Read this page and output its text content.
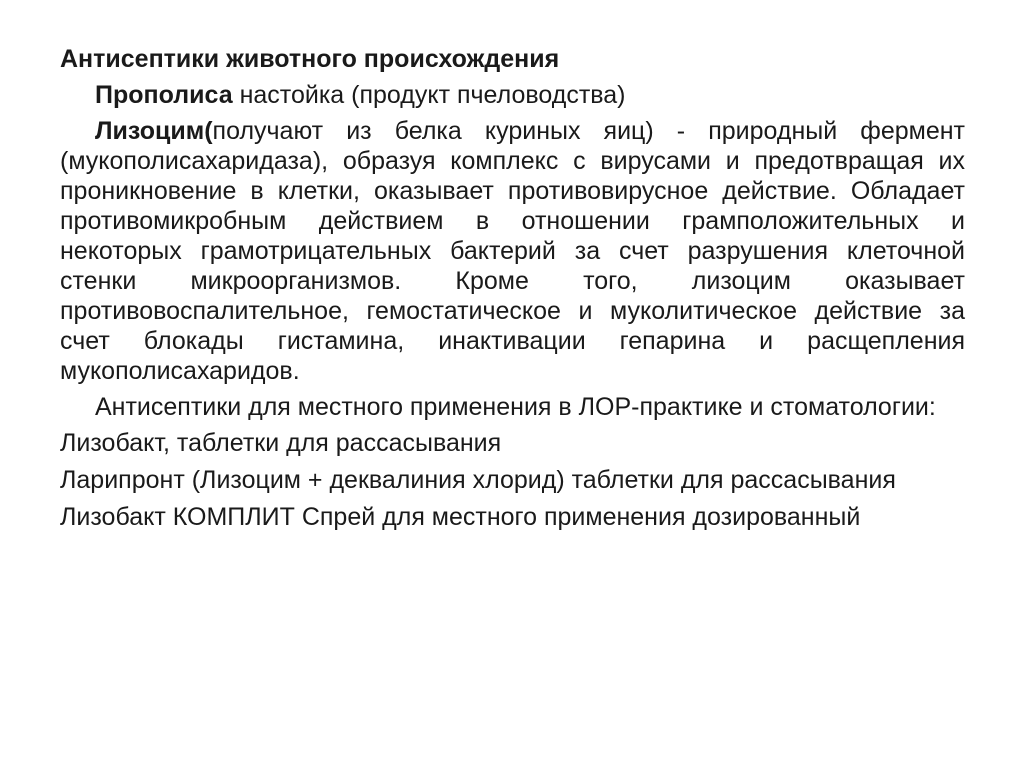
Антисептики животного происхождения
Прополиса настойка (продукт пчеловодства)
Лизоцим(получают из белка куриных яиц) - природный фермент (мукополисахаридаза), образуя комплекс с вирусами и предотвращая их проникновение в клетки, оказывает противовирусное действие. Обладает противомикробным действием в отношении грамположительных и некоторых грамотрицательных бактерий за счет разрушения клеточной стенки микроорганизмов. Кроме того, лизоцим оказывает противовоспалительное, гемостатическое и муколитическое действие за счет блокады гистамина, инактивации гепарина и расщепления мукополисахаридов.
Антисептики для местного применения в ЛОР-практике и стоматологии:
Лизобакт, таблетки для рассасывания
Ларипронт (Лизоцим + деквалиния хлорид) таблетки для рассасывания
Лизобакт КОМПЛИТ Спрей для местного применения дозированный
